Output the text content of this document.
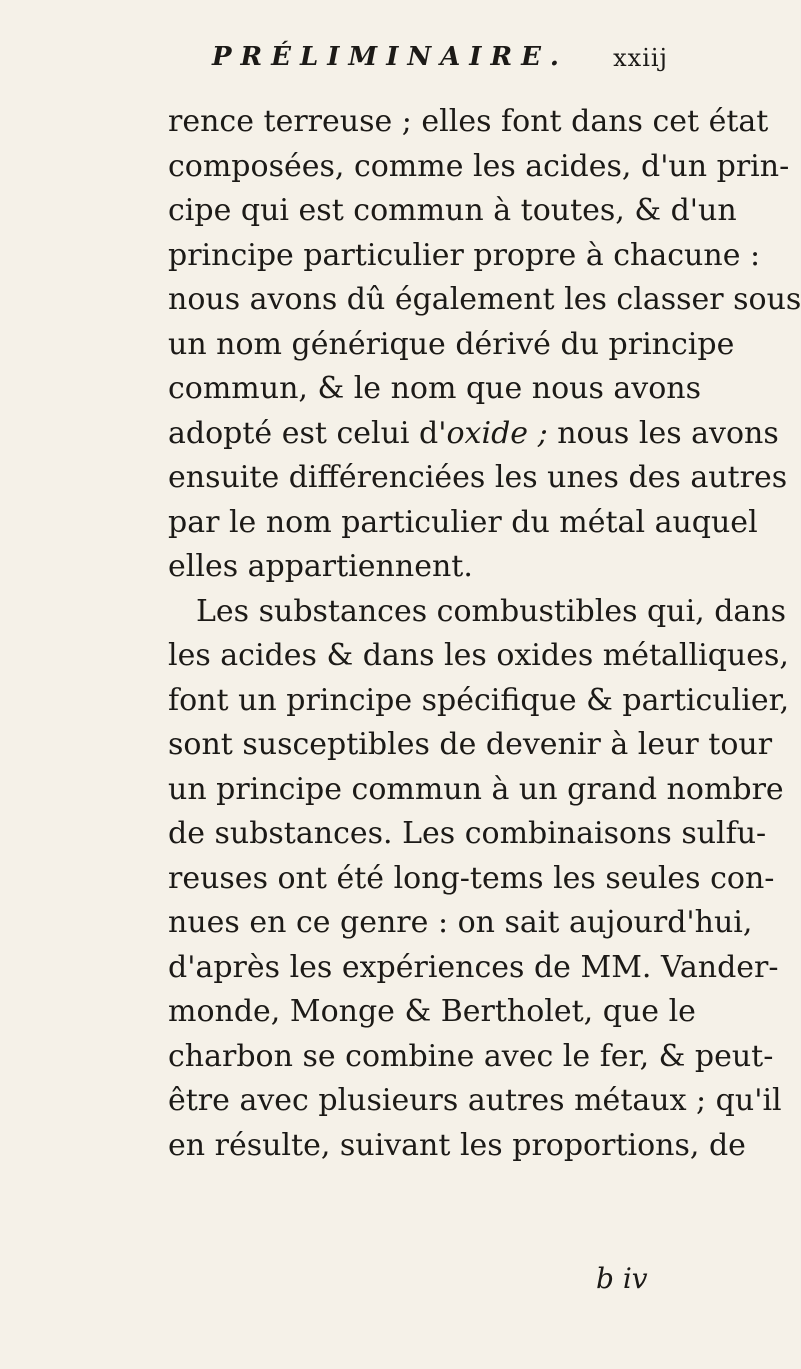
PRÉLIMINAIRE. xxiij
rence terreuse ; elles font dans cet état
composées, comme les acides, d'un prin-
cipe qui est commun à toutes, & d'un
principe particulier propre à chacune :
nous avons dû également les classer sous
un nom générique dérivé du principe
commun, & le nom que nous avons
adopté est celui d'oxide ; nous les avons
ensuite différenciées les unes des autres
par le nom particulier du métal auquel
elles appartiennent.
Les substances combustibles qui, dans
les acides & dans les oxides métalliques,
font un principe spécifique & particulier,
sont susceptibles de devenir à leur tour
un principe commun à un grand nombre
de substances. Les combinaisons sulfu-
reuses ont été long-tems les seules con-
nues en ce genre : on sait aujourd'hui,
d'après les expériences de MM. Vander-
monde, Monge & Bertholet, que le
charbon se combine avec le fer, & peut-
être avec plusieurs autres métaux ; qu'il
en résulte, suivant les proportions, de
b iv
